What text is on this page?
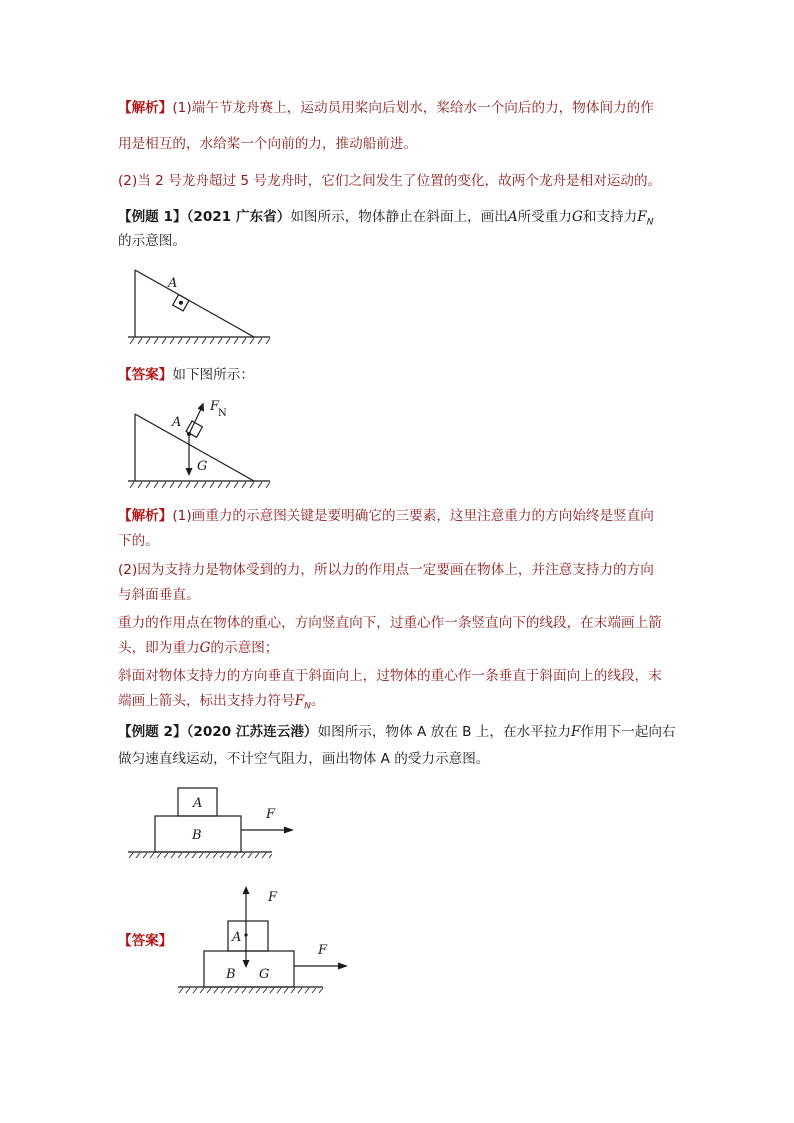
【解析】(1)端午节龙舟赛上，运动员用桨向后划水，桨给水一个向后的力，物体间力的作
用是相互的，水给桨一个向前的力，推动船前进。
(2)当 2 号龙舟超过 5 号龙舟时，它们之间发生了位置的变化，故两个龙舟是相对运动的。
【例题 1】（2021 广东省）如图所示，物体静止在斜面上，画出A所受重力G和支持力$F_N$
的示意图。
A
【答案】如下图所示：
A
F
N
G
【解析】(1)画重力的示意图关键是要明确它的三要素，这里注意重力的方向始终是竖直向
下的。
(2)因为支持力是物体受到的力，所以力的作用点一定要画在物体上，并注意支持力的方向
与斜面垂直。
重力的作用点在物体的重心，方向竖直向下，过重心作一条竖直向下的线段，在末端画上箭
头，即为重力G的示意图；
斜面对物体支持力的方向垂直于斜面向上，过物体的重心作一条垂直于斜面向上的线段，末
端画上箭头，标出支持力符号$F_N$。
【例题 2】（2020 江苏连云港）如图所示，物体 A 放在 B 上，在水平拉力F作用下一起向右
做匀速直线运动，不计空气阻力，画出物体 A 的受力示意图。
A
B
F
【答案】	A
B G
F
F
